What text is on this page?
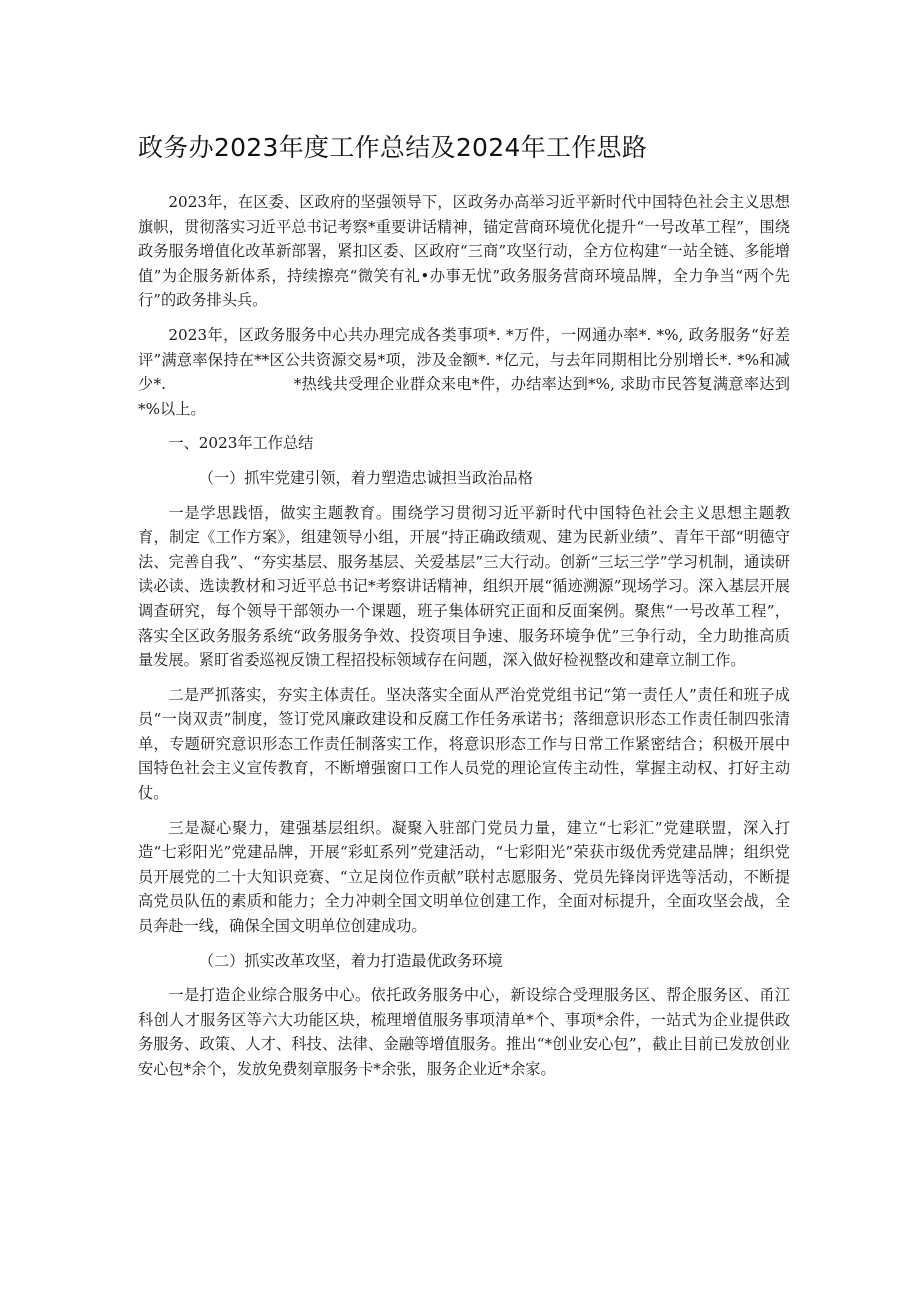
政务办2023年度工作总结及2024年工作思路

2023年，在区委、区政府的坚强领导下，区政务办高举习近平新时代中国特色社会主义思想旗帜，贯彻落实习近平总书记考察*重要讲话精神，锚定营商环境优化提升“一号改革工程”，围绕政务服务增值化改革新部署，紧扣区委、区政府“三商”攻坚行动，全方位构建“一站全链、多能增值”为企服务新体系，持续擦亮“微笑有礼•办事无忧”政务服务营商环境品牌，全力争当“两个先行”的政务排头兵。

2023年，区政务服务中心共办理完成各类事项*. *万件，一网通办率*. *%, 政务服务“好差评”满意率保持在**区公共资源交易*项，涉及金额*. *亿元，与去年同期相比分别增长*. *%和减少*.                         *热线共受理企业群众来电*件，办结率达到*%, 求助市民答复满意率达到*%以上。

一、2023年工作总结

（一）抓牢党建引领，着力塑造忠诚担当政治品格

一是学思践悟，做实主题教育。围绕学习贯彻习近平新时代中国特色社会主义思想主题教育，制定《工作方案》，组建领导小组，开展“持正确政绩观、建为民新业绩”、青年干部“明德守法、完善自我”、“夯实基层、服务基层、关爱基层”三大行动。创新“三坛三学”学习机制，通读研读必读、选读教材和习近平总书记*考察讲话精神，组织开展“循迹溯源”现场学习。深入基层开展调查研究，每个领导干部领办一个课题，班子集体研究正面和反面案例。聚焦“一号改革工程”，落实全区政务服务系统“政务服务争效、投资项目争速、服务环境争优”三争行动，全力助推高质量发展。紧盯省委巡视反馈工程招投标领域存在问题，深入做好检视整改和建章立制工作。

二是严抓落实，夯实主体责任。坚决落实全面从严治党党组书记“第一责任人”责任和班子成员“一岗双责”制度，签订党风廉政建设和反腐工作任务承诺书；落细意识形态工作责任制四张清单，专题研究意识形态工作责任制落实工作，将意识形态工作与日常工作紧密结合；积极开展中国特色社会主义宣传教育，不断增强窗口工作人员党的理论宣传主动性，掌握主动权、打好主动仗。

三是凝心聚力，建强基层组织。凝聚入驻部门党员力量，建立“七彩汇”党建联盟，深入打造“七彩阳光”党建品牌，开展“彩虹系列”党建活动，“七彩阳光”荣获市级优秀党建品牌；组织党员开展党的二十大知识竞赛、“立足岗位作贡献”联村志愿服务、党员先锋岗评选等活动，不断提高党员队伍的素质和能力；全力冲刺全国文明单位创建工作，全面对标提升，全面攻坚会战，全员奔赴一线，确保全国文明单位创建成功。

（二）抓实改革攻坚，着力打造最优政务环境

一是打造企业综合服务中心。依托政务服务中心，新设综合受理服务区、帮企服务区、甬江科创人才服务区等六大功能区块，梳理增值服务事项清单*个、事项*余件，一站式为企业提供政务服务、政策、人才、科技、法律、金融等增值服务。推出“*创业安心包”，截止目前已发放创业安心包*余个，发放免费刻章服务卡*余张，服务企业近*余家。
